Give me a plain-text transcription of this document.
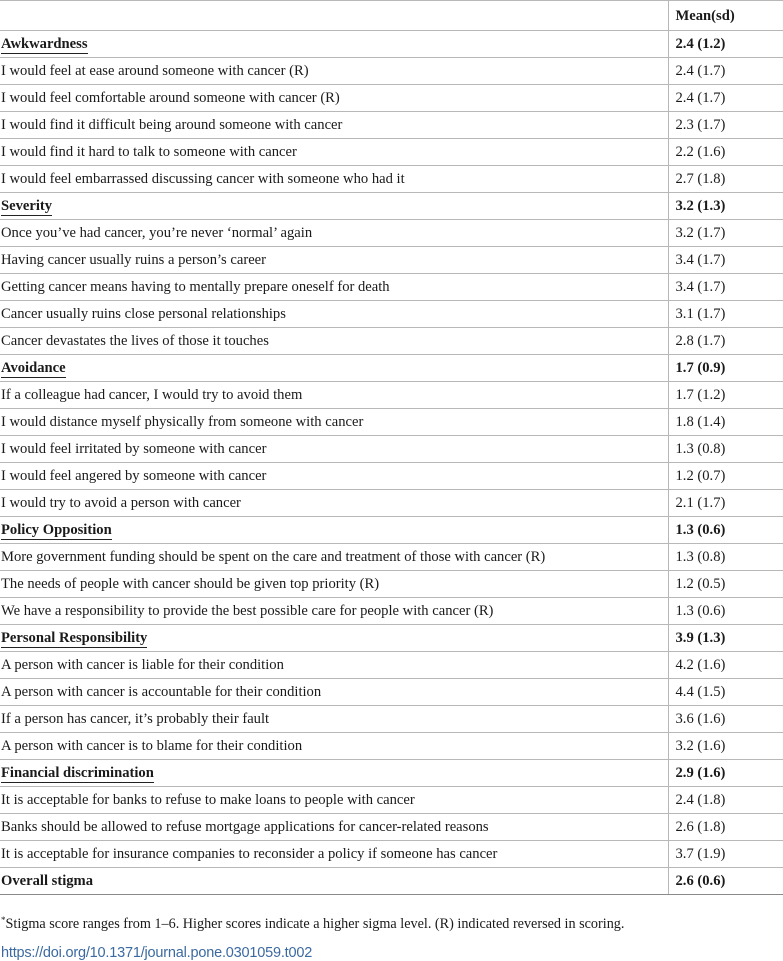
	Mean(sd)
Awkwardness	2.4 (1.2)
I would feel at ease around someone with cancer (R)	2.4 (1.7)
I would feel comfortable around someone with cancer (R)	2.4 (1.7)
I would find it difficult being around someone with cancer	2.3 (1.7)
I would find it hard to talk to someone with cancer	2.2 (1.6)
I would feel embarrassed discussing cancer with someone who had it	2.7 (1.8)
Severity	3.2 (1.3)
Once you’ve had cancer, you’re never ‘normal’ again	3.2 (1.7)
Having cancer usually ruins a person’s career	3.4 (1.7)
Getting cancer means having to mentally prepare oneself for death	3.4 (1.7)
Cancer usually ruins close personal relationships	3.1 (1.7)
Cancer devastates the lives of those it touches	2.8 (1.7)
Avoidance	1.7 (0.9)
If a colleague had cancer, I would try to avoid them	1.7 (1.2)
I would distance myself physically from someone with cancer	1.8 (1.4)
I would feel irritated by someone with cancer	1.3 (0.8)
I would feel angered by someone with cancer	1.2 (0.7)
I would try to avoid a person with cancer	2.1 (1.7)
Policy Opposition	1.3 (0.6)
More government funding should be spent on the care and treatment of those with cancer (R)	1.3 (0.8)
The needs of people with cancer should be given top priority (R)	1.2 (0.5)
We have a responsibility to provide the best possible care for people with cancer (R)	1.3 (0.6)
Personal Responsibility	3.9 (1.3)
A person with cancer is liable for their condition	4.2 (1.6)
A person with cancer is accountable for their condition	4.4 (1.5)
If a person has cancer, it’s probably their fault	3.6 (1.6)
A person with cancer is to blame for their condition	3.2 (1.6)
Financial discrimination	2.9 (1.6)
It is acceptable for banks to refuse to make loans to people with cancer	2.4 (1.8)
Banks should be allowed to refuse mortgage applications for cancer-related reasons	2.6 (1.8)
It is acceptable for insurance companies to reconsider a policy if someone has cancer	3.7 (1.9)
Overall stigma	2.6 (0.6)
*Stigma score ranges from 1–6. Higher scores indicate a higher sigma level. (R) indicated reversed in scoring.
https://doi.org/10.1371/journal.pone.0301059.t002
